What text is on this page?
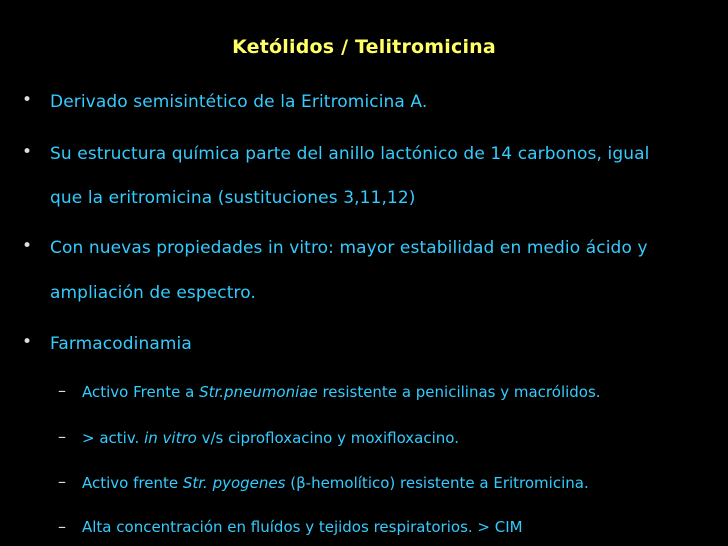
Ketólidos / Telitromicina
• Derivado semisintético de la Eritromicina A.
• Su estructura química parte del anillo lactónico de 14 carbonos, igual
que la eritromicina (sustituciones 3,11,12)
• Con nuevas propiedades in vitro: mayor estabilidad en medio ácido y
ampliación de espectro.
• Farmacodinamia
– Activo Frente a Str.pneumoniae resistente a penicilinas y macrólidos.
– > activ. in vitro v/s ciprofloxacino y moxifloxacino.
– Activo frente Str. pyogenes (β-hemolítico) resistente a Eritromicina.
– Alta concentración en fluídos y tejidos respiratorios. > CIM
